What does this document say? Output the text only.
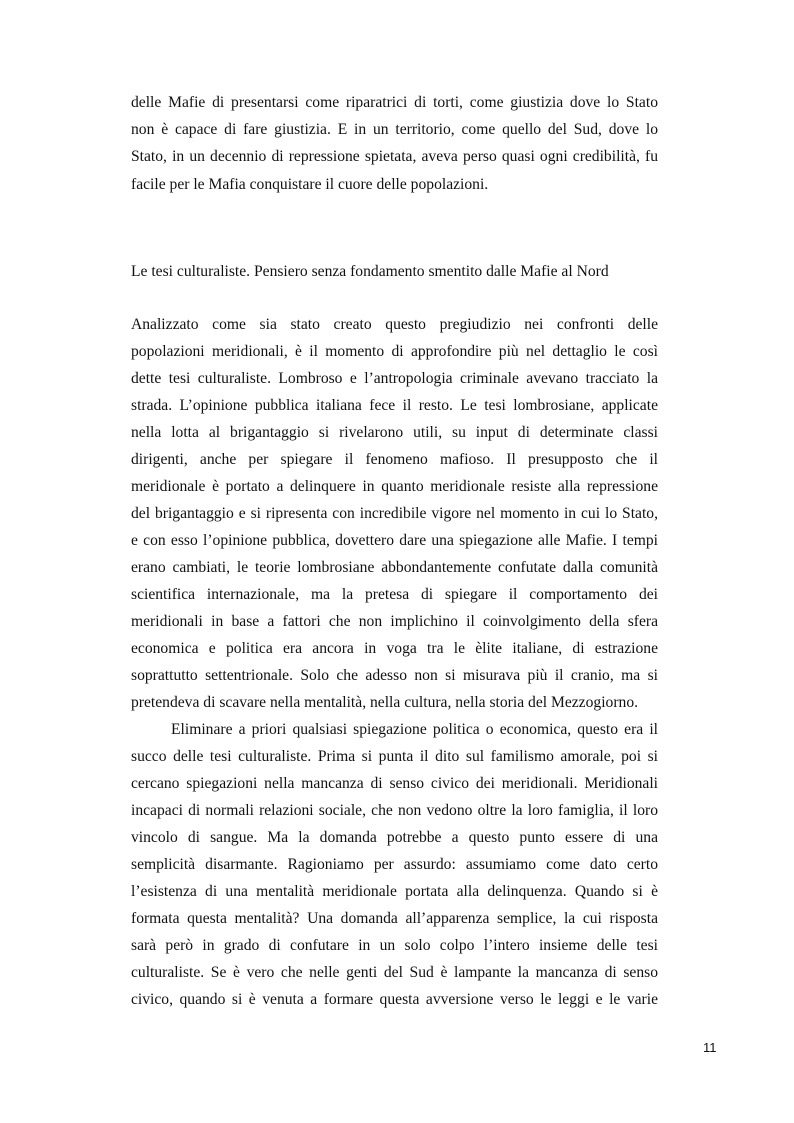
delle Mafie di presentarsi come riparatrici di torti, come giustizia dove lo Stato
non è capace di fare giustizia. E in un territorio, come quello del Sud, dove lo
Stato, in un decennio di repressione spietata, aveva perso quasi ogni credibilità, fu
facile per le Mafia conquistare il cuore delle popolazioni.
Le tesi culturaliste. Pensiero senza fondamento smentito dalle Mafie al Nord
Analizzato come sia stato creato questo pregiudizio nei confronti delle
popolazioni meridionali, è il momento di approfondire più nel dettaglio le così
dette tesi culturaliste. Lombroso e l’antropologia criminale avevano tracciato la
strada. L’opinione pubblica italiana fece il resto. Le tesi lombrosiane, applicate
nella lotta al brigantaggio si rivelarono utili, su input di determinate classi
dirigenti, anche per spiegare il fenomeno mafioso. Il presupposto che il
meridionale è portato a delinquere in quanto meridionale resiste alla repressione
del brigantaggio e si ripresenta con incredibile vigore nel momento in cui lo Stato,
e con esso l’opinione pubblica, dovettero dare una spiegazione alle Mafie. I tempi
erano cambiati, le teorie lombrosiane abbondantemente confutate dalla comunità
scientifica internazionale, ma la pretesa di spiegare il comportamento dei
meridionali in base a fattori che non implichino il coinvolgimento della sfera
economica e politica era ancora in voga tra le èlite italiane, di estrazione
soprattutto settentrionale. Solo che adesso non si misurava più il cranio, ma si
pretendeva di scavare nella mentalità, nella cultura, nella storia del Mezzogiorno.
Eliminare a priori qualsiasi spiegazione politica o economica, questo era il
succo delle tesi culturaliste. Prima si punta il dito sul familismo amorale, poi si
cercano spiegazioni nella mancanza di senso civico dei meridionali. Meridionali
incapaci di normali relazioni sociale, che non vedono oltre la loro famiglia, il loro
vincolo di sangue. Ma la domanda potrebbe a questo punto essere di una
semplicità disarmante. Ragioniamo per assurdo: assumiamo come dato certo
l’esistenza di una mentalità meridionale portata alla delinquenza. Quando si è
formata questa mentalità? Una domanda all’apparenza semplice, la cui risposta
sarà però in grado di confutare in un solo colpo l’intero insieme delle tesi
culturaliste. Se è vero che nelle genti del Sud è lampante la mancanza di senso
civico, quando si è venuta a formare questa avversione verso le leggi e le varie
11
